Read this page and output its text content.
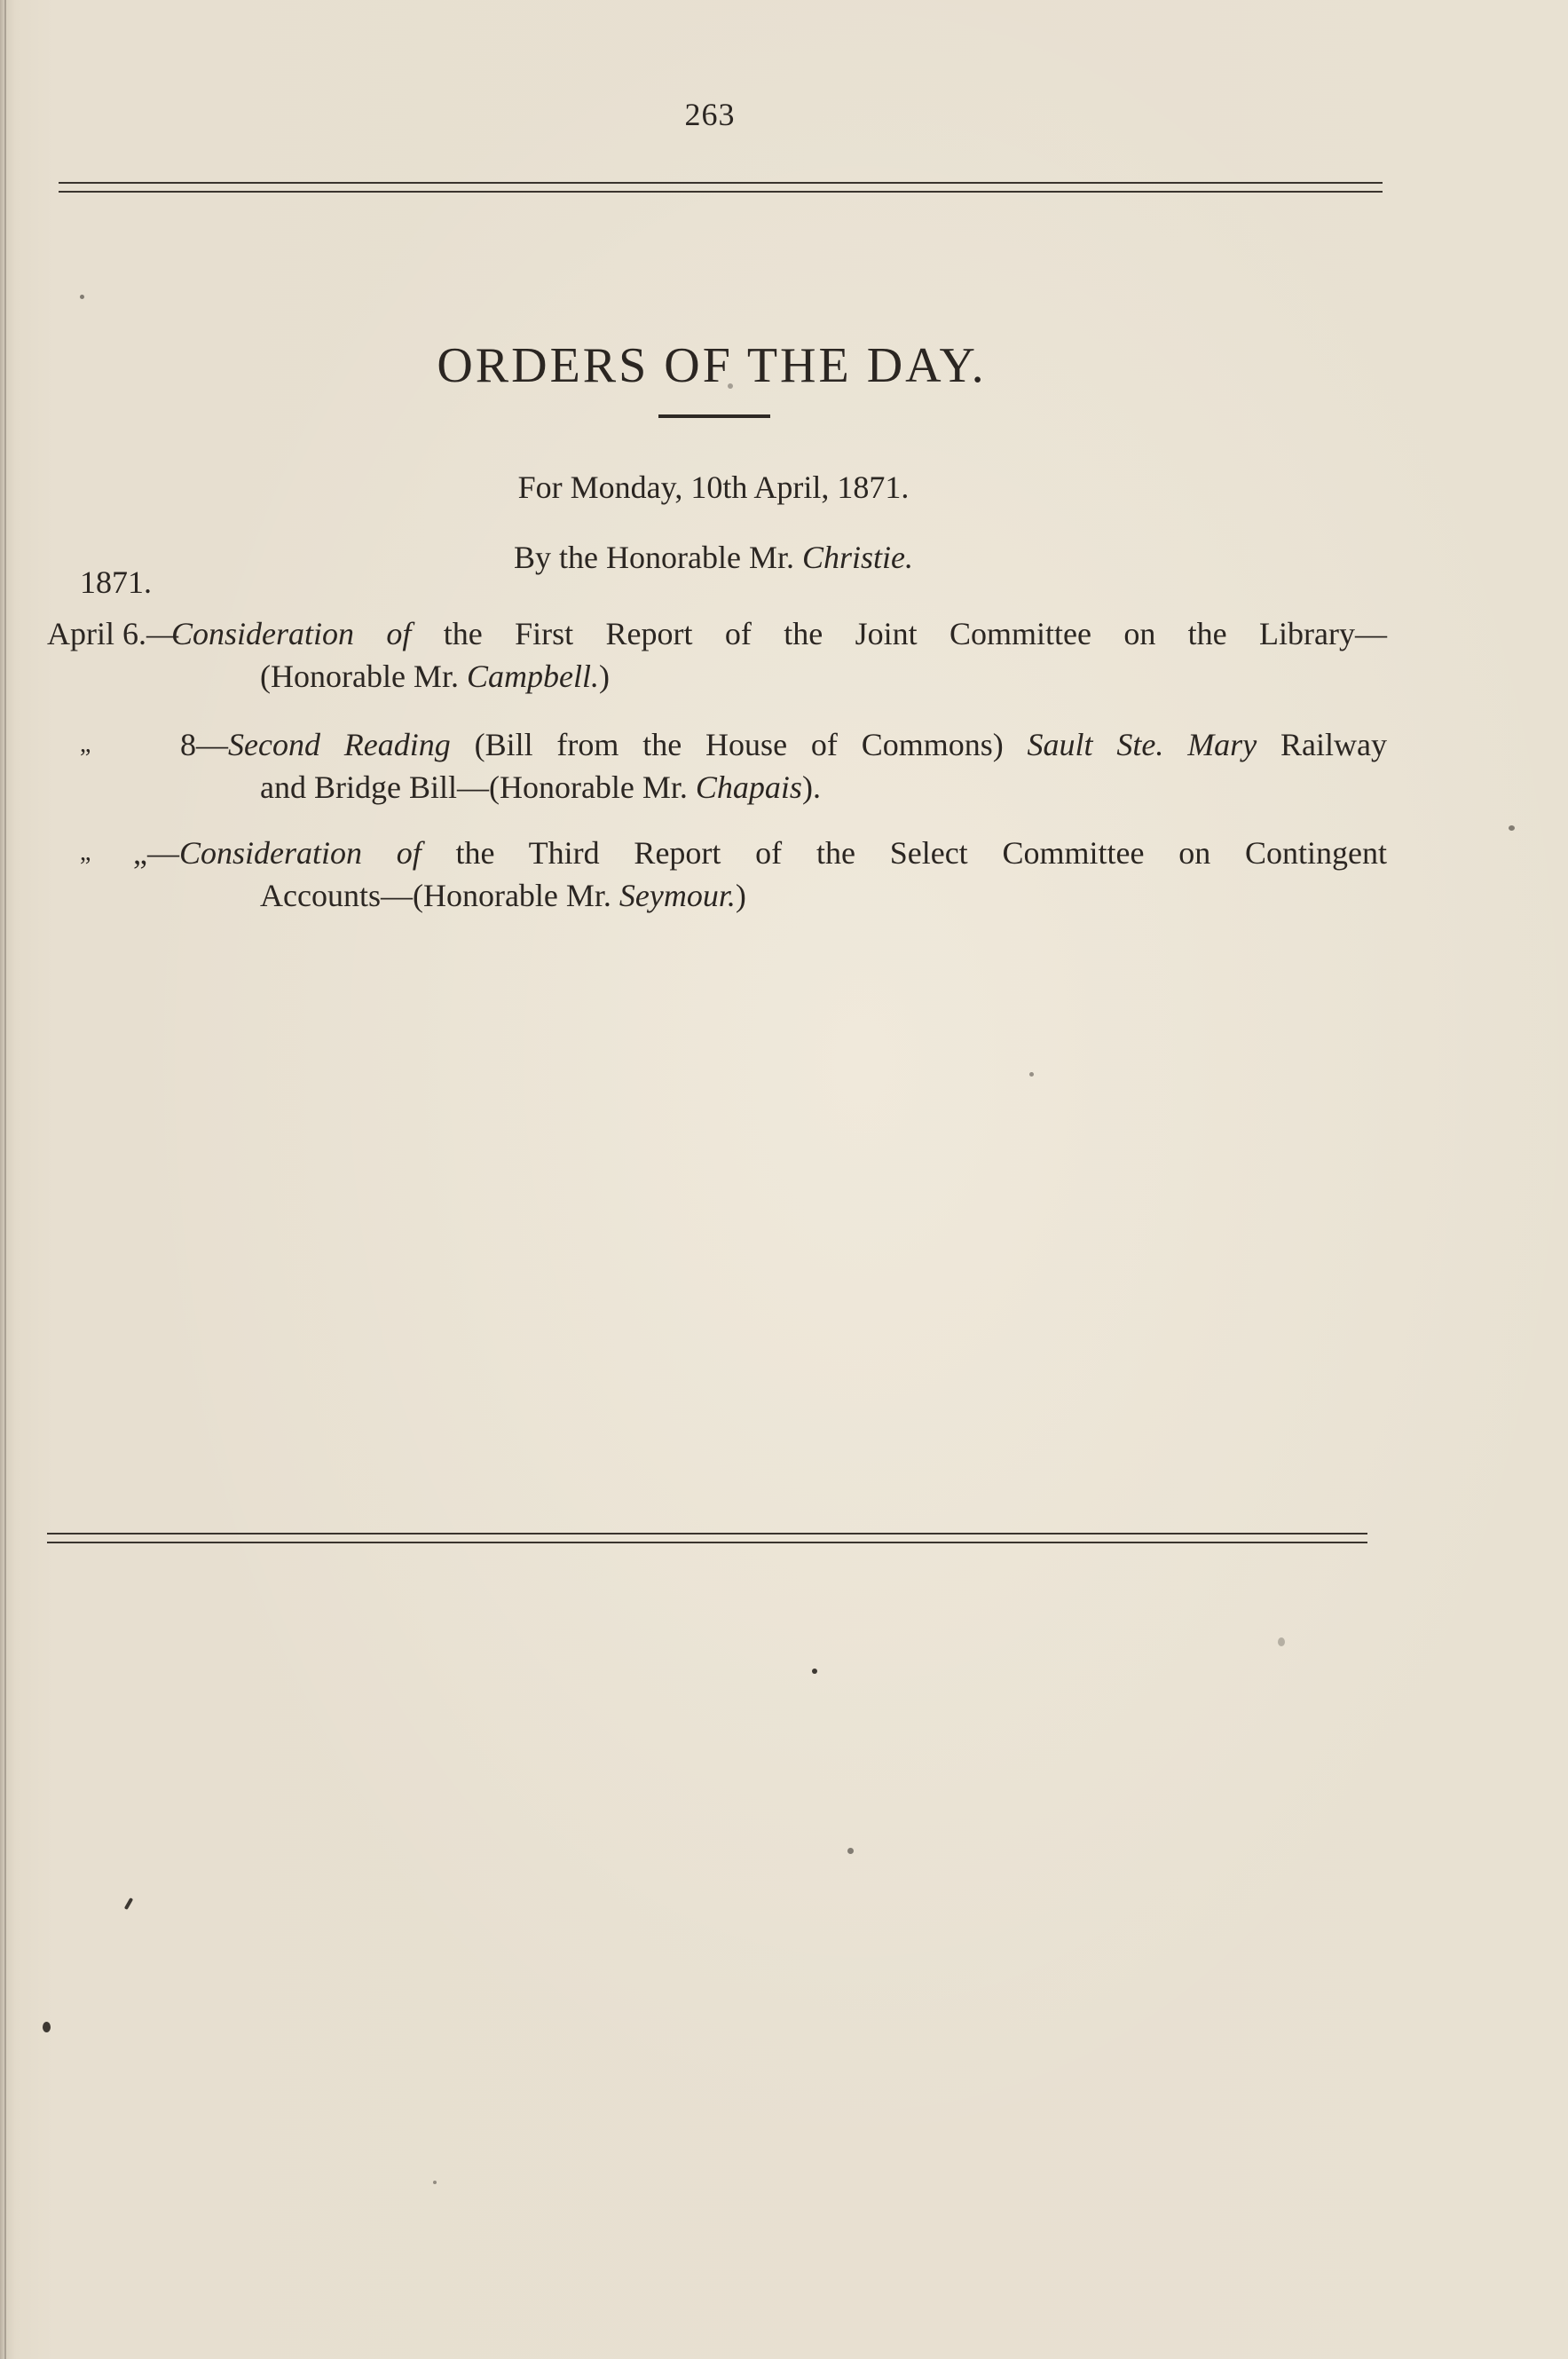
263
ORDERS OF THE DAY.
For Monday, 10th April, 1871.
By the Honorable Mr. Christie.
1871.
April 6.—
Consideration of the First Report of the Joint Committee on the Library—
(Honorable Mr. Campbell.)
„	8—Second Reading (Bill from the House of Commons) Sault Ste. Mary Railway
and Bridge Bill—(Honorable Mr. Chapais).
„ „—Consideration of the Third Report of the Select Committee on Contingent
Accounts—(Honorable Mr. Seymour.)
